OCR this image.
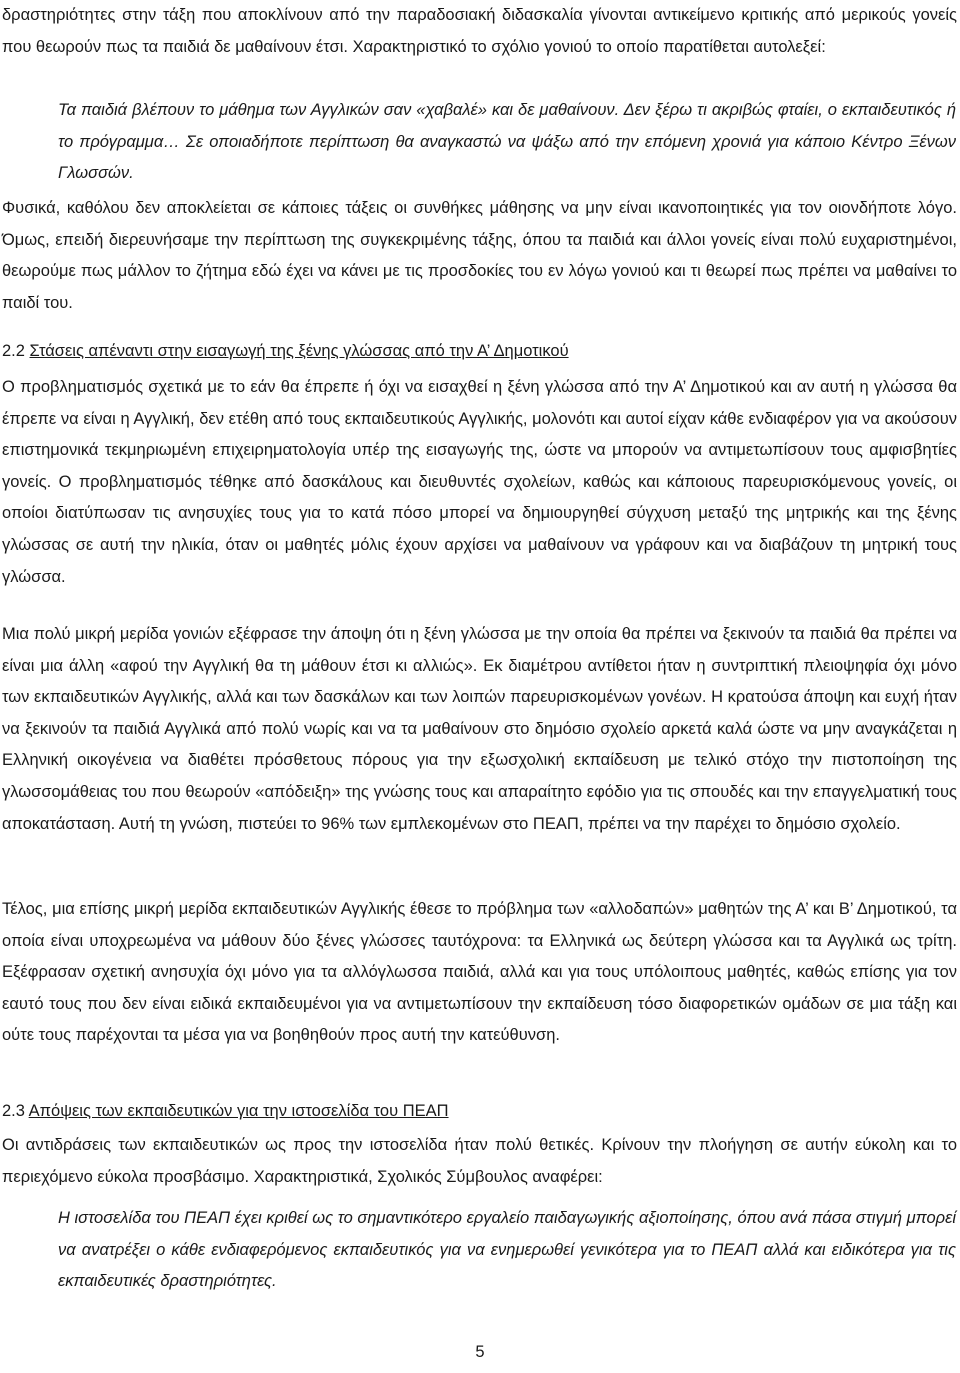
δραστηριότητες στην τάξη που αποκλίνουν από την παραδοσιακή διδασκαλία γίνονται αντικείμενο κριτικής από μερικούς γονείς που θεωρούν πως τα παιδιά δε μαθαίνουν έτσι. Χαρακτηριστικό το σχόλιο γονιού το οποίο παρατίθεται αυτολεξεί:

Τα παιδιά βλέπουν το μάθημα των Αγγλικών σαν «χαβαλέ» και δε μαθαίνουν. Δεν ξέρω τι ακριβώς φταίει, ο εκπαιδευτικός ή το πρόγραμμα… Σε οποιαδήποτε περίπτωση θα αναγκαστώ να ψάξω από την επόμενη χρονιά για κάποιο Κέντρο Ξένων Γλωσσών.

Φυσικά, καθόλου δεν αποκλείεται σε κάποιες τάξεις οι συνθήκες μάθησης να μην είναι ικανοποιητικές για τον οιονδήποτε λόγο. Όμως, επειδή διερευνήσαμε την περίπτωση της συγκεκριμένης τάξης, όπου τα παιδιά και άλλοι γονείς είναι πολύ ευχαριστημένοι, θεωρούμε πως μάλλον το ζήτημα εδώ έχει να κάνει με τις προσδοκίες του εν λόγω γονιού και τι θεωρεί πως πρέπει να μαθαίνει το παιδί του.

2.2 Στάσεις απέναντι στην εισαγωγή της ξένης γλώσσας από την Α’ Δημοτικού

Ο προβληματισμός σχετικά με το εάν θα έπρεπε ή όχι να εισαχθεί η ξένη γλώσσα από την Α’ Δημοτικού και αν αυτή η γλώσσα θα έπρεπε να είναι η Αγγλική, δεν ετέθη από τους εκπαιδευτικούς Αγγλικής, μολονότι και αυτοί είχαν κάθε ενδιαφέρον για να ακούσουν επιστημονικά τεκμηριωμένη επιχειρηματολογία υπέρ της εισαγωγής της, ώστε να μπορούν να αντιμετωπίσουν τους αμφισβητίες γονείς. Ο προβληματισμός τέθηκε από δασκάλους και διευθυντές σχολείων, καθώς και κάποιους παρευρισκόμενους γονείς, οι οποίοι διατύπωσαν τις ανησυχίες τους για το κατά πόσο μπορεί να δημιουργηθεί σύγχυση μεταξύ της μητρικής και της ξένης γλώσσας σε αυτή την ηλικία, όταν οι μαθητές μόλις έχουν αρχίσει να μαθαίνουν να γράφουν και να διαβάζουν τη μητρική τους γλώσσα.

Μια πολύ μικρή μερίδα γονιών εξέφρασε την άποψη ότι η ξένη γλώσσα με την οποία θα πρέπει να ξεκινούν τα παιδιά θα πρέπει να είναι μια άλλη «αφού την Αγγλική θα τη μάθουν έτσι κι αλλιώς». Εκ διαμέτρου αντίθετοι ήταν η συντριπτική πλειοψηφία όχι μόνο των εκπαιδευτικών Αγγλικής, αλλά και των δασκάλων και των λοιπών παρευρισκομένων γονέων. Η κρατούσα άποψη και ευχή ήταν να ξεκινούν τα παιδιά Αγγλικά από πολύ νωρίς και να τα μαθαίνουν στο δημόσιο σχολείο αρκετά καλά ώστε να μην αναγκάζεται η Ελληνική οικογένεια να διαθέτει πρόσθετους πόρους για την εξωσχολική εκπαίδευση με τελικό στόχο την πιστοποίηση της γλωσσομάθειας του που θεωρούν «απόδειξη» της γνώσης τους και απαραίτητο εφόδιο για τις σπουδές και την επαγγελματική τους αποκατάσταση. Αυτή τη γνώση, πιστεύει το 96% των εμπλεκομένων στο ΠΕΑΠ, πρέπει να την παρέχει το δημόσιο σχολείο.

Τέλος, μια επίσης μικρή μερίδα εκπαιδευτικών Αγγλικής έθεσε το πρόβλημα των «αλλοδαπών» μαθητών της Α’ και Β’ Δημοτικού, τα οποία είναι υποχρεωμένα να μάθουν δύο ξένες γλώσσες ταυτόχρονα: τα Ελληνικά ως δεύτερη γλώσσα και τα Αγγλικά ως τρίτη. Εξέφρασαν σχετική ανησυχία όχι μόνο για τα αλλόγλωσσα παιδιά, αλλά και για τους υπόλοιπους μαθητές, καθώς επίσης για τον εαυτό τους που δεν είναι ειδικά εκπαιδευμένοι για να αντιμετωπίσουν την εκπαίδευση τόσο διαφορετικών ομάδων σε μια τάξη και ούτε τους παρέχονται τα μέσα για να βοηθηθούν προς αυτή την κατεύθυνση.

2.3 Απόψεις των εκπαιδευτικών για την ιστοσελίδα του ΠΕΑΠ

Οι αντιδράσεις των εκπαιδευτικών ως προς την ιστοσελίδα ήταν πολύ θετικές. Κρίνουν την πλοήγηση σε αυτήν εύκολη και το περιεχόμενο εύκολα προσβάσιμο. Χαρακτηριστικά, Σχολικός Σύμβουλος αναφέρει:

Η ιστοσελίδα του ΠΕΑΠ έχει κριθεί ως το σημαντικότερο εργαλείο παιδαγωγικής αξιοποίησης, όπου ανά πάσα στιγμή μπορεί να ανατρέξει ο κάθε ενδιαφερόμενος εκπαιδευτικός για να ενημερωθεί γενικότερα για το ΠΕΑΠ αλλά και ειδικότερα για τις εκπαιδευτικές δραστηριότητες.

5
